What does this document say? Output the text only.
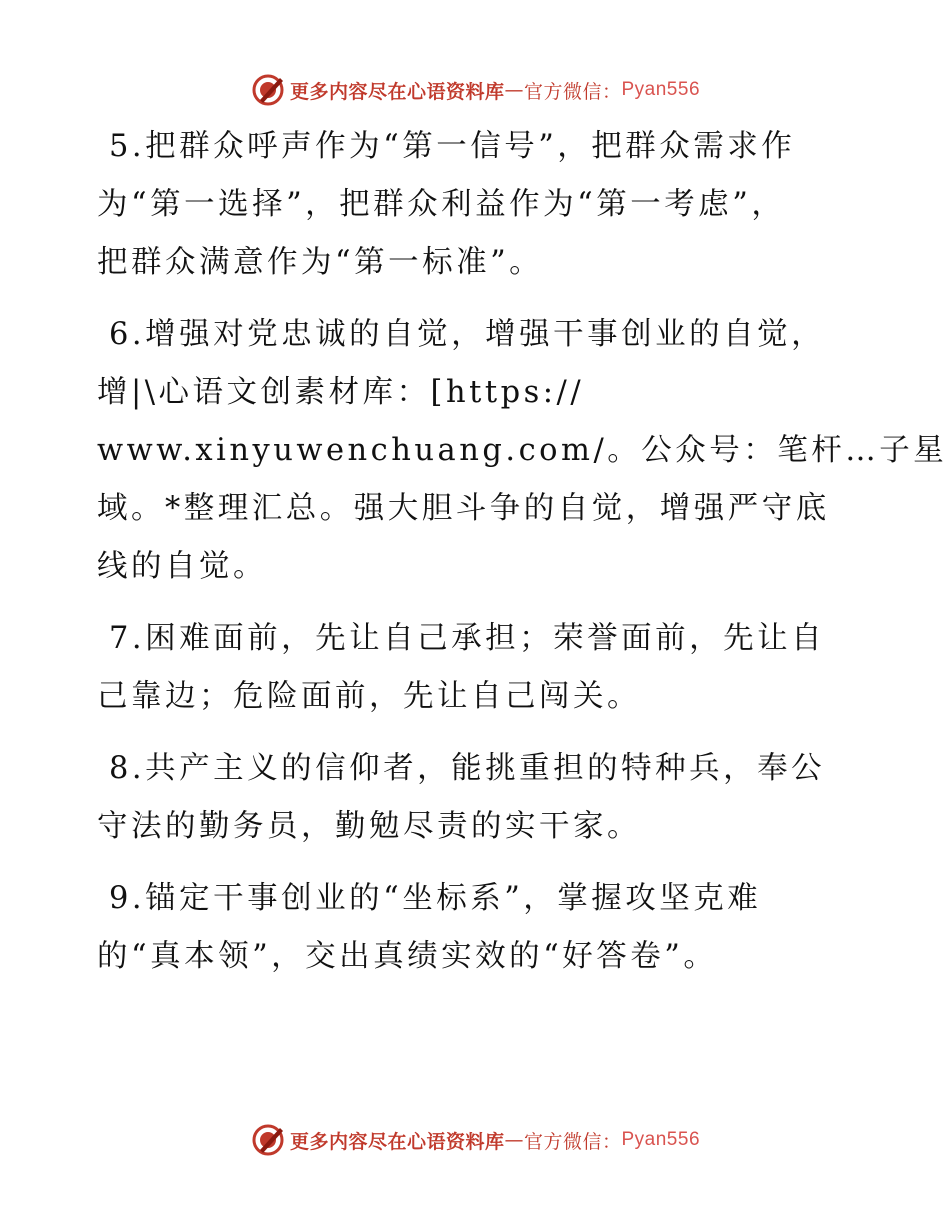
更多内容尽在心语资料库 — 官方微信： Pyan556

5.把群众呼声作为“第一信号”，把群众需求作
为“第一选择”，把群众利益作为“第一考虑”，
把群众满意作为“第一标准”。

6.增强对党忠诚的自觉，增强干事创业的自觉，
增|\心语文创素材库：[https://
www.xinyuwenchuang.com/。公众号：笔杆…子星
域。*整理汇总。强大胆斗争的自觉，增强严守底
线的自觉。

7.困难面前，先让自己承担；荣誉面前，先让自
己靠边；危险面前，先让自己闯关。

8.共产主义的信仰者，能挑重担的特种兵，奉公
守法的勤务员，勤勉尽责的实干家。

9.锚定干事创业的“坐标系”，掌握攻坚克难
的“真本领”，交出真绩实效的“好答卷”。

更多内容尽在心语资料库 — 官方微信： Pyan556
